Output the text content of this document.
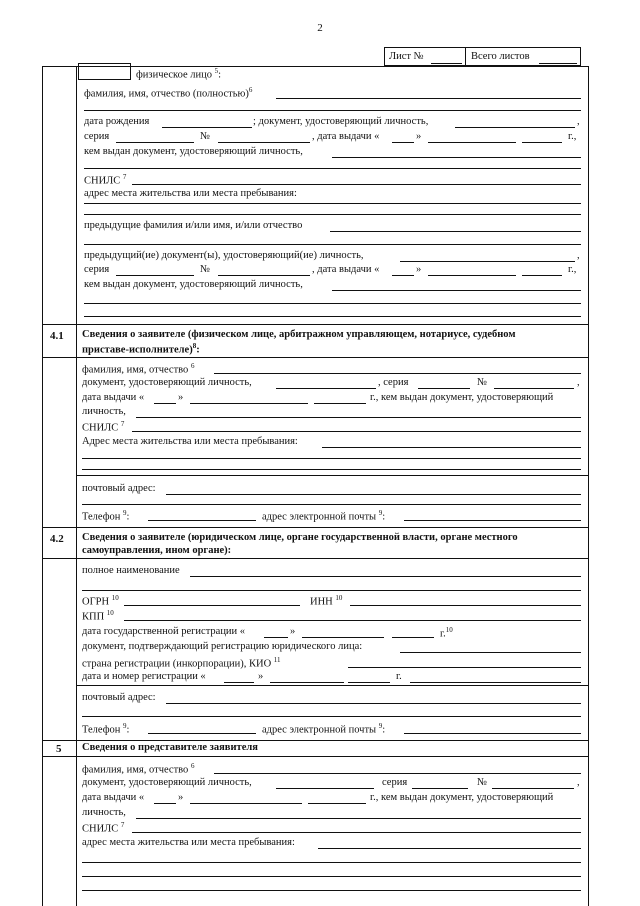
2
Лист №	Всего листов
физическое лицо $^5$:
фамилия, имя, отчество (полностью)$^6$
дата рождения	; документ, удостоверяющий личность,	,
серия	№	, дата выдачи «	»	г.,
кем выдан документ, удостоверяющий личность,
СНИЛС $^7$
адрес места жительства или места пребывания:
предыдущие фамилия и/или имя, и/или отчество
предыдущий(ие) документ(ы), удостоверяющий(ие) личность,	,
серия	№	, дата выдачи «	»	г.,
кем выдан документ, удостоверяющий личность,
4.1 Сведения о заявителе (физическом лице, арбитражном управляющем, нотариусе, судебном
приставе-исполнителе)$^8$:
фамилия, имя, отчество $^6$
документ, удостоверяющий личность,	, серия	№	,
дата выдачи «	»	г., кем выдан документ, удостоверяющий
личность,
СНИЛС $^7$
Адрес места жительства или места пребывания:
почтовый адрес:
Телефон $^9$:	адрес электронной почты $^9$:
4.2 Сведения о заявителе (юридическом лице, органе государственной власти, органе местного
самоуправления, ином органе):
полное наименование
ОГРН $^{10}$	ИНН $^{10}$
КПП $^{10}$
дата государственной регистрации «	»	г.$^{10}$
документ, подтверждающий регистрацию юридического лица:
страна регистрации (инкорпорации), КИО $^{11}$
дата и номер регистрации «	»	г.
почтовый адрес:
Телефон $^9$:	адрес электронной почты $^9$:
5 Сведения о представителе заявителя
фамилия, имя, отчество $^6$
документ, удостоверяющий личность,	серия	№	,
дата выдачи «	»	г., кем выдан документ, удостоверяющий
личность,
СНИЛС $^7$
адрес места жительства или места пребывания:
